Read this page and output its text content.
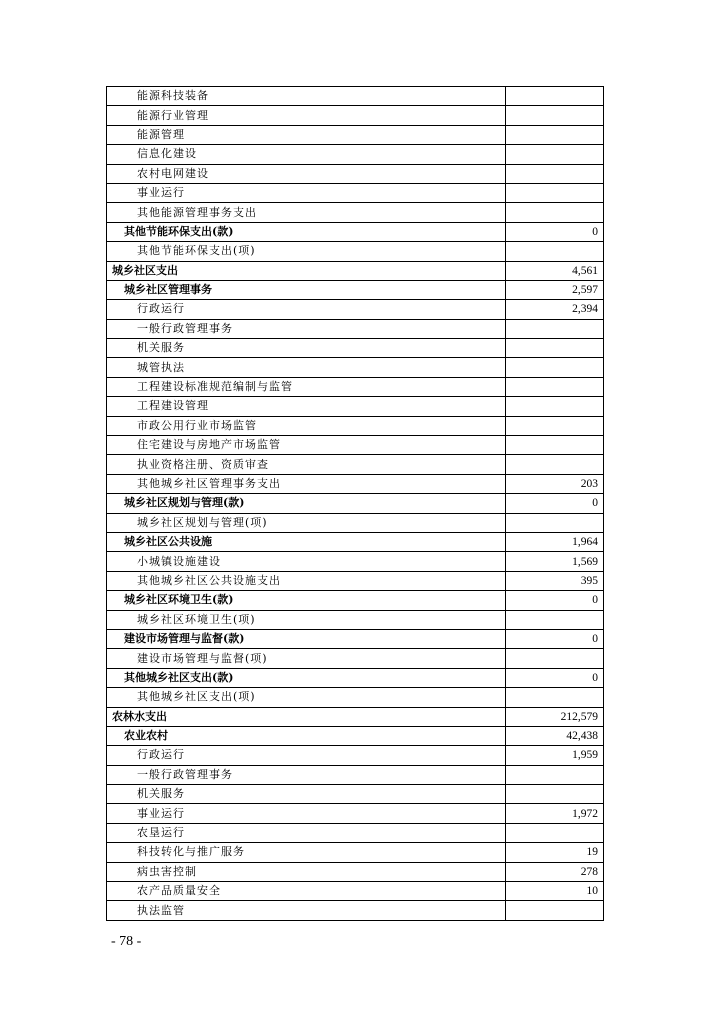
能源科技装备	
能源行业管理	
能源管理	
信息化建设	
农村电网建设	
事业运行	
其他能源管理事务支出	
其他节能环保支出(款)	0
其他节能环保支出(项)	
城乡社区支出	4,561
城乡社区管理事务	2,597
行政运行	2,394
一般行政管理事务	
机关服务	
城管执法	
工程建设标准规范编制与监管	
工程建设管理	
市政公用行业市场监管	
住宅建设与房地产市场监管	
执业资格注册、资质审查	
其他城乡社区管理事务支出	203
城乡社区规划与管理(款)	0
城乡社区规划与管理(项)	
城乡社区公共设施	1,964
小城镇设施建设	1,569
其他城乡社区公共设施支出	395
城乡社区环境卫生(款)	0
城乡社区环境卫生(项)	
建设市场管理与监督(款)	0
建设市场管理与监督(项)	
其他城乡社区支出(款)	0
其他城乡社区支出(项)	
农林水支出	212,579
农业农村	42,438
行政运行	1,959
一般行政管理事务	
机关服务	
事业运行	1,972
农垦运行	
科技转化与推广服务	19
病虫害控制	278
农产品质量安全	10
执法监管	
- 78 -
